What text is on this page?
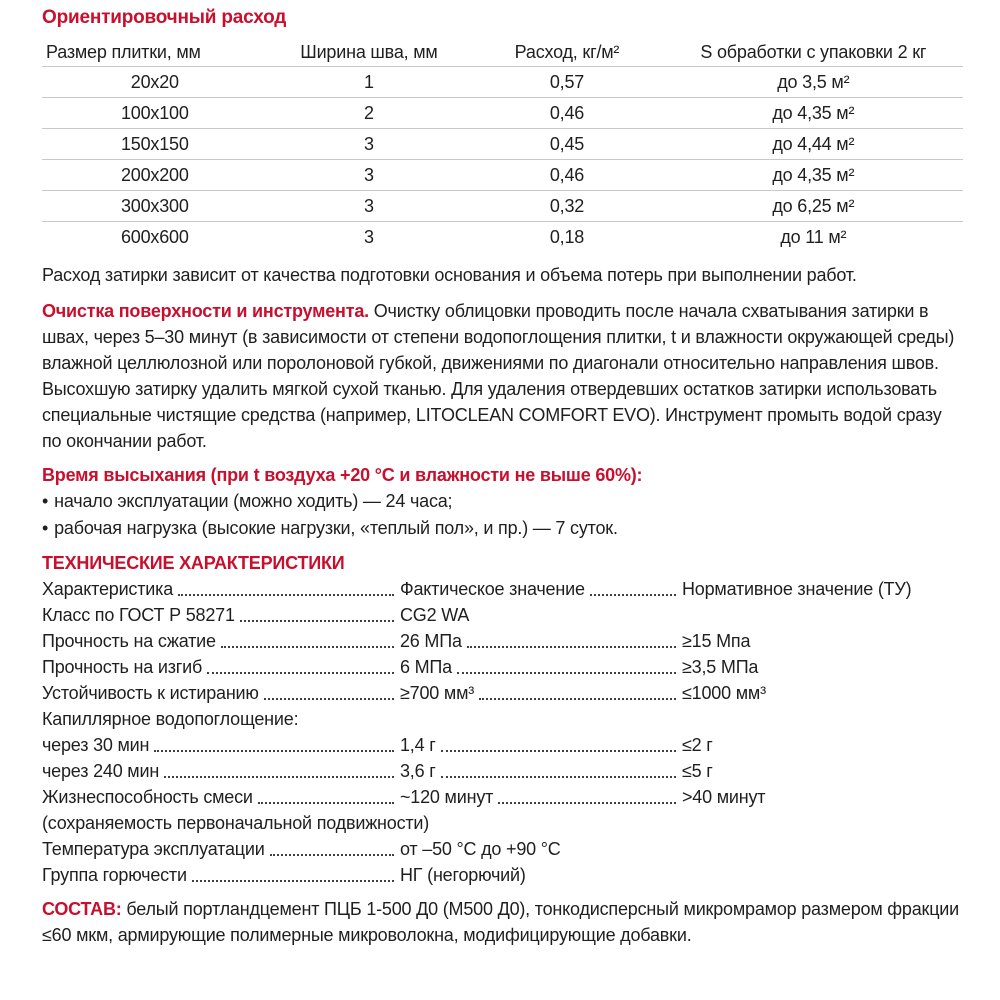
Ориентировочный расход
Размер плитки, мм	Ширина шва, мм	Расход, кг/м²	S обработки с упаковки 2 кг
20x20	1	0,57	до 3,5 м²
100x100	2	0,46	до 4,35 м²
150x150	3	0,45	до 4,44 м²
200x200	3	0,46	до 4,35 м²
300x300	3	0,32	до 6,25 м²
600x600	3	0,18	до 11 м²

Расход затирки зависит от качества подготовки основания и объема потерь при выполнении работ.

Очистка поверхности и инструмента. Очистку облицовки проводить после начала схватывания затирки в швах, через 5–30 минут (в зависимости от степени водопоглощения плитки, t и влажности окружающей среды) влажной целлюлозной или поролоновой губкой, движениями по диагонали относительно направления швов. Высохшую затирку удалить мягкой сухой тканью. Для удаления отвердевших остатков затирки использовать специальные чистящие средства (например, LITOCLEAN COMFORT EVO). Инструмент промыть водой сразу по окончании работ.

Время высыхания (при t воздуха +20 °C и влажности не выше 60%):
• начало эксплуатации (можно ходить) — 24 часа;
• рабочая нагрузка (высокие нагрузки, «теплый пол», и пр.) — 7 суток.
ТЕХНИЧЕСКИЕ ХАРАКТЕРИСТИКИ
Характеристика	Фактическое значение	Нормативное значение (ТУ)
Класс по ГОСТ Р 58271	CG2 WA
Прочность на сжатие	26 МПа	≥15 Мпа
Прочность на изгиб	6 МПа	≥3,5 МПа
Устойчивость к истиранию	≥700 мм³	≤1000 мм³
Капиллярное водопоглощение:
через 30 мин	1,4 г	≤2 г
через 240 мин	3,6 г	≤5 г
Жизнеспособность смеси	~120 минут	>40 минут
(сохраняемость первоначальной подвижности)
Температура эксплуатации	от –50 °C до +90 °C
Группа горючести	НГ (негорючий)

СОСТАВ: белый портландцемент ПЦБ 1-500 Д0 (М500 Д0), тонкодисперсный микромрамор размером фракции ≤60 мкм, армирующие полимерные микроволокна, модифицирующие добавки.
